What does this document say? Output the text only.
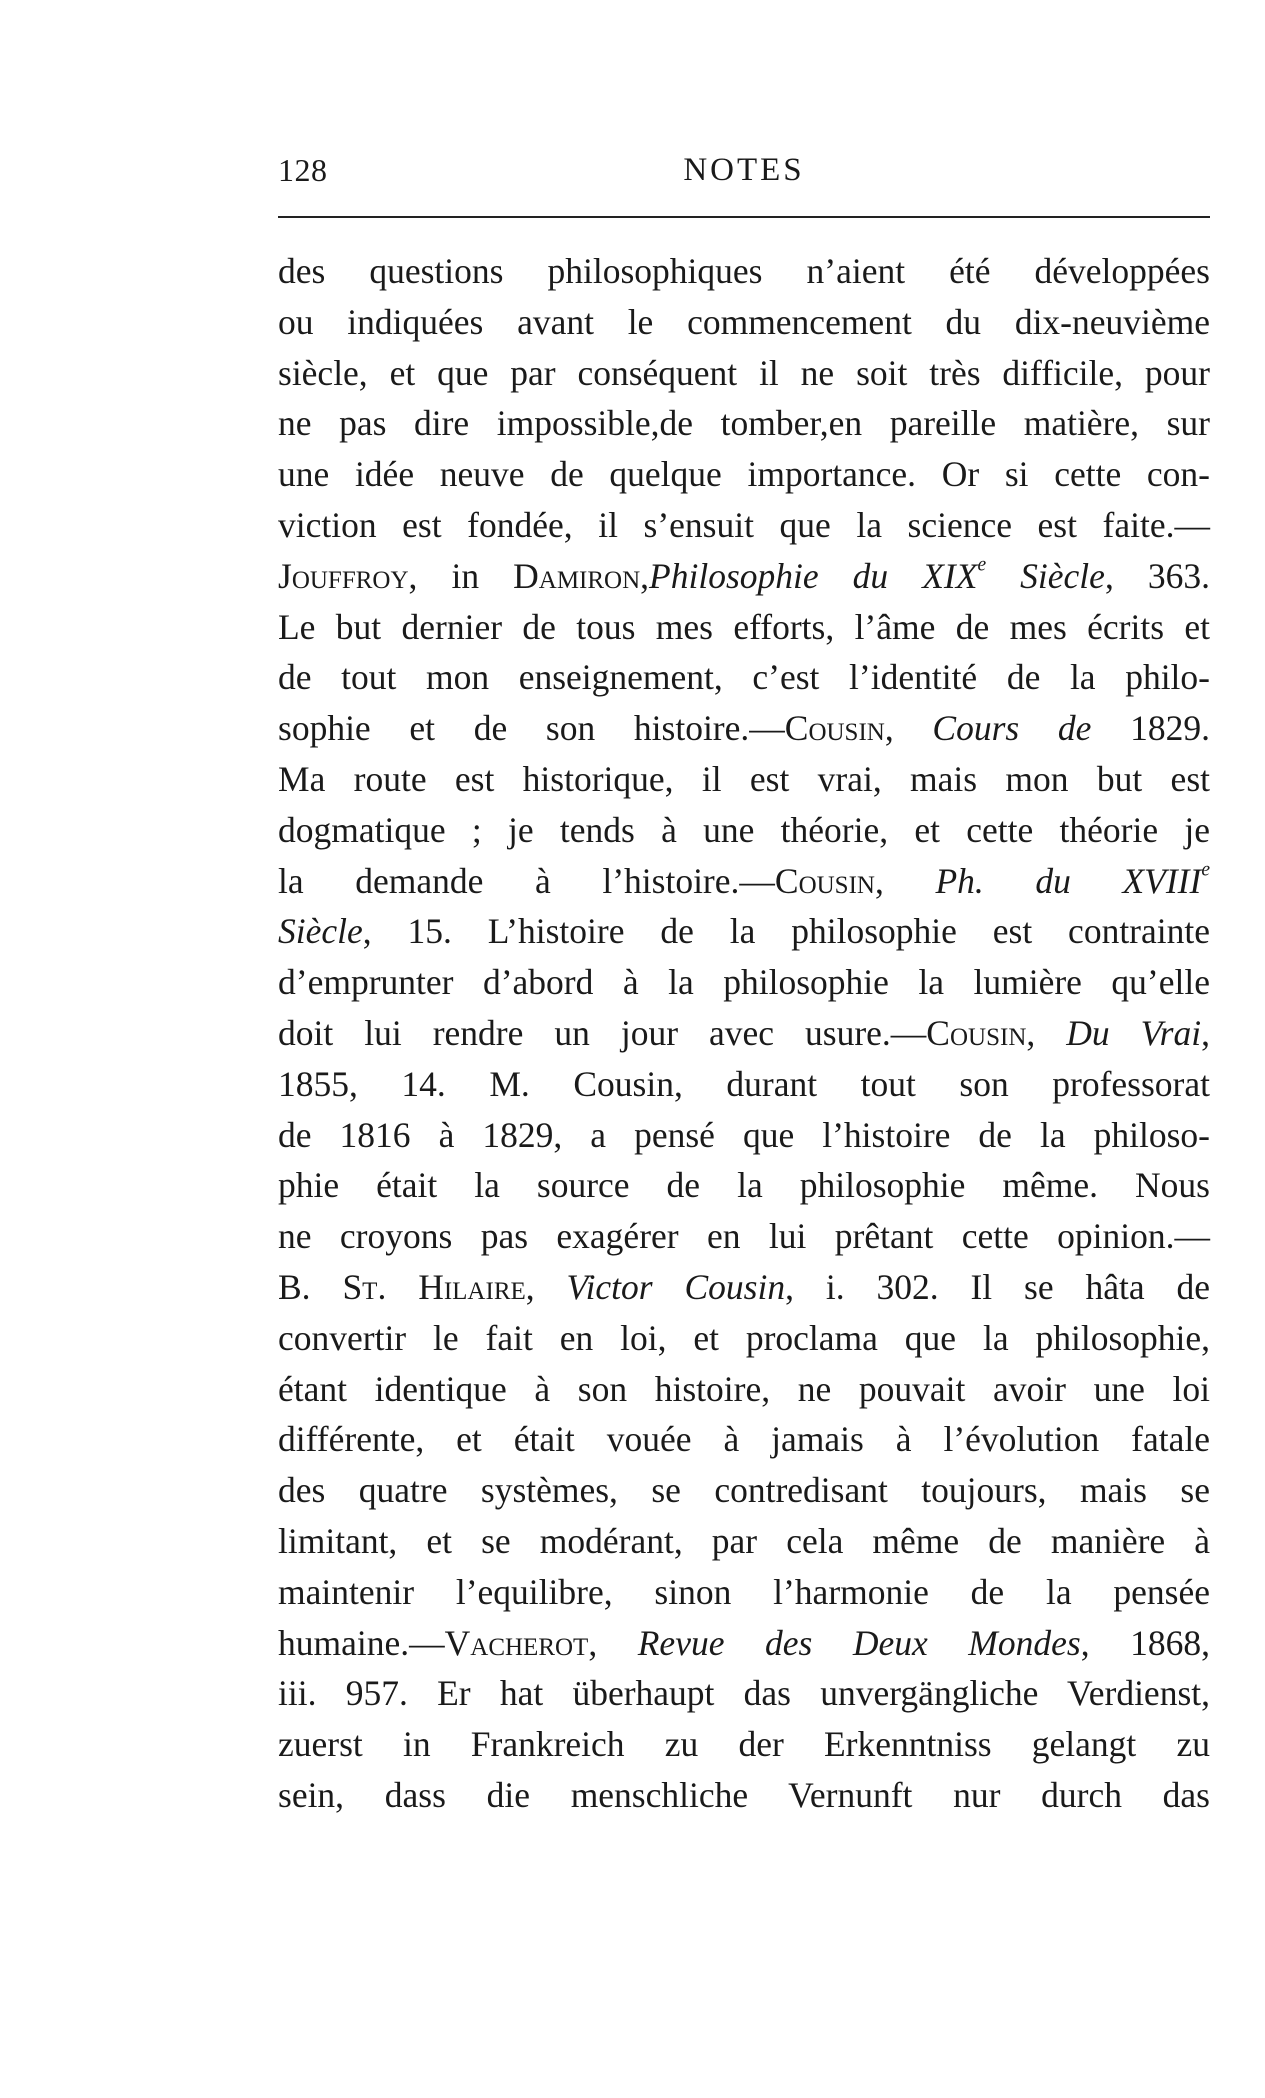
128	NOTES
des questions philosophiques n’aient été développées
ou indiquées avant le commencement du dix-neuvième
siècle, et que par conséquent il ne soit très difficile, pour
ne pas dire impossible,de tomber,en pareille matière, sur
une idée neuve de quelque importance. Or si cette con-
viction est fondée, il s’ensuit que la science est faite.—
Jouffroy, in Damiron,Philosophie du XIXe Siècle, 363.
Le but dernier de tous mes efforts, l’âme de mes écrits et
de tout mon enseignement, c’est l’identité de la philo-
sophie et de son histoire.—Cousin, Cours de 1829.
Ma route est historique, il est vrai, mais mon but est
dogmatique ; je tends à une théorie, et cette théorie je
la demande à l’histoire.—Cousin, Ph. du XVIIIe
Siècle, 15. L’histoire de la philosophie est contrainte
d’emprunter d’abord à la philosophie la lumière qu’elle
doit lui rendre un jour avec usure.—Cousin, Du Vrai,
1855, 14. M. Cousin, durant tout son professorat
de 1816 à 1829, a pensé que l’histoire de la philoso-
phie était la source de la philosophie même. Nous
ne croyons pas exagérer en lui prêtant cette opinion.—
B. St. Hilaire, Victor Cousin, i. 302. Il se hâta de
convertir le fait en loi, et proclama que la philosophie,
étant identique à son histoire, ne pouvait avoir une loi
différente, et était vouée à jamais à l’évolution fatale
des quatre systèmes, se contredisant toujours, mais se
limitant, et se modérant, par cela même de manière à
maintenir l’equilibre, sinon l’harmonie de la pensée
humaine.—Vacherot, Revue des Deux Mondes, 1868,
iii. 957. Er hat überhaupt das unvergängliche Verdienst,
zuerst in Frankreich zu der Erkenntniss gelangt zu
sein, dass die menschliche Vernunft nur durch das
